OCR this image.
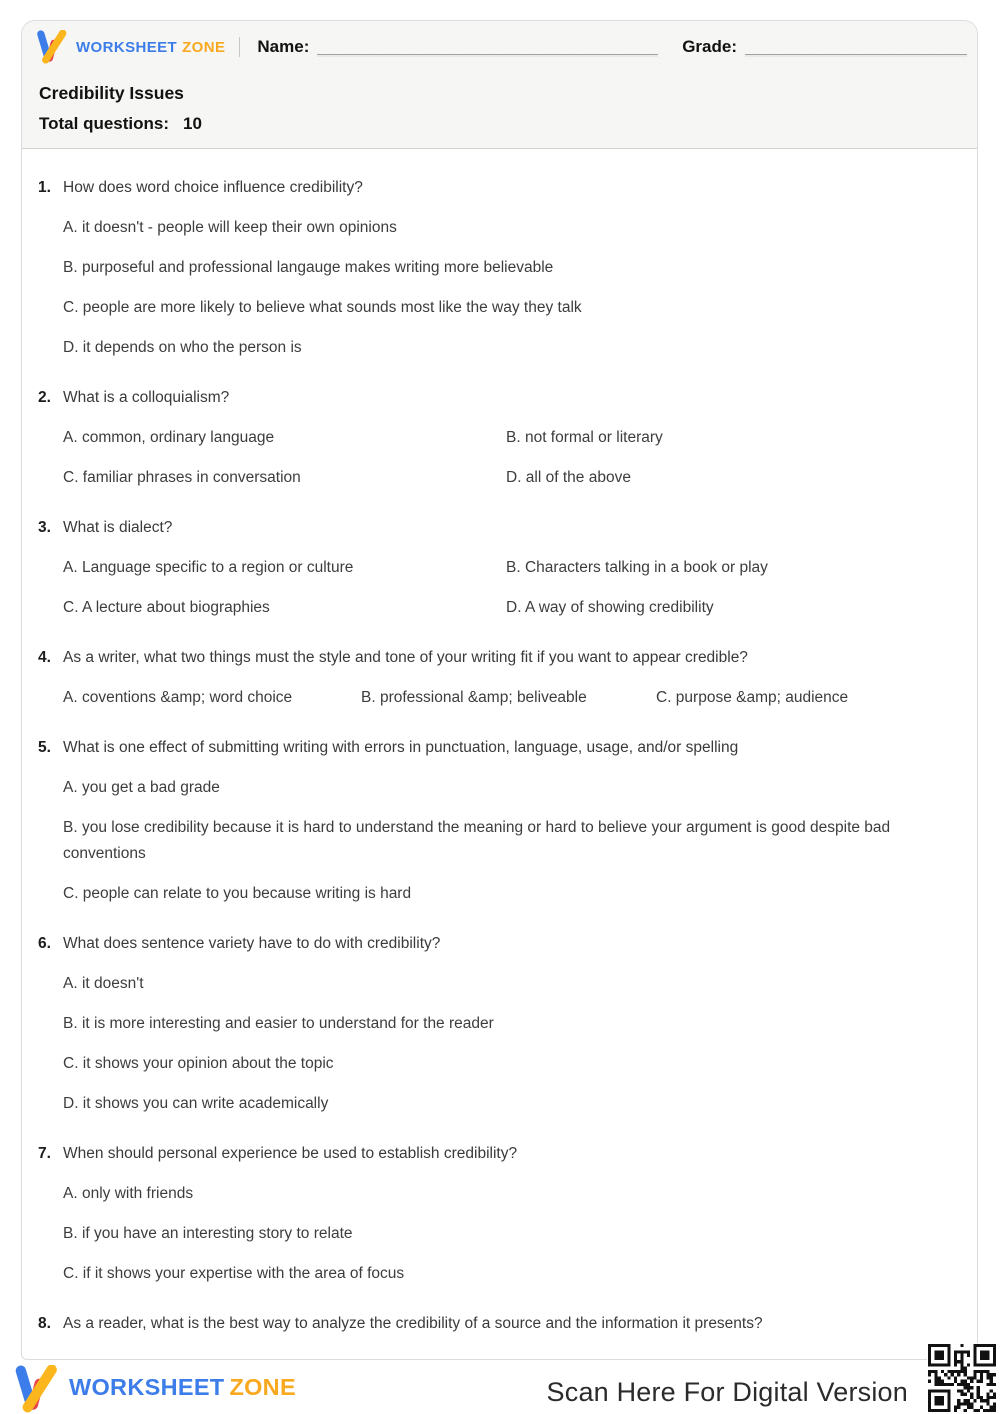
WORKSHEET ZONE Name:	Grade:
Credibility Issues
Total questions: 10
1. How does word choice influence credibility?
A. it doesn't - people will keep their own opinions
B. purposeful and professional langauge makes writing more believable
C. people are more likely to believe what sounds most like the way they talk
D. it depends on who the person is
2. What is a colloquialism?
A. common, ordinary language	B. not formal or literary
C. familiar phrases in conversation	D. all of the above
3. What is dialect?
A. Language specific to a region or culture	B. Characters talking in a book or play
C. A lecture about biographies	D. A way of showing credibility
4. As a writer, what two things must the style and tone of your writing fit if you want to appear credible?
A. coventions &amp; word choice	B. professional &amp; beliveable	C. purpose &amp; audience
5. What is one effect of submitting writing with errors in punctuation, language, usage, and/or spelling
A. you get a bad grade
B. you lose credibility because it is hard to understand the meaning or hard to believe your argument is good despite bad conventions
C. people can relate to you because writing is hard
6. What does sentence variety have to do with credibility?
A. it doesn't
B. it is more interesting and easier to understand for the reader
C. it shows your opinion about the topic
D. it shows you can write academically
7. When should personal experience be used to establish credibility?
A. only with friends
B. if you have an interesting story to relate
C. if it shows your expertise with the area of focus
8. As a reader, what is the best way to analyze the credibility of a source and the information it presents?
WORKSHEET ZONE	Scan Here For Digital Version
